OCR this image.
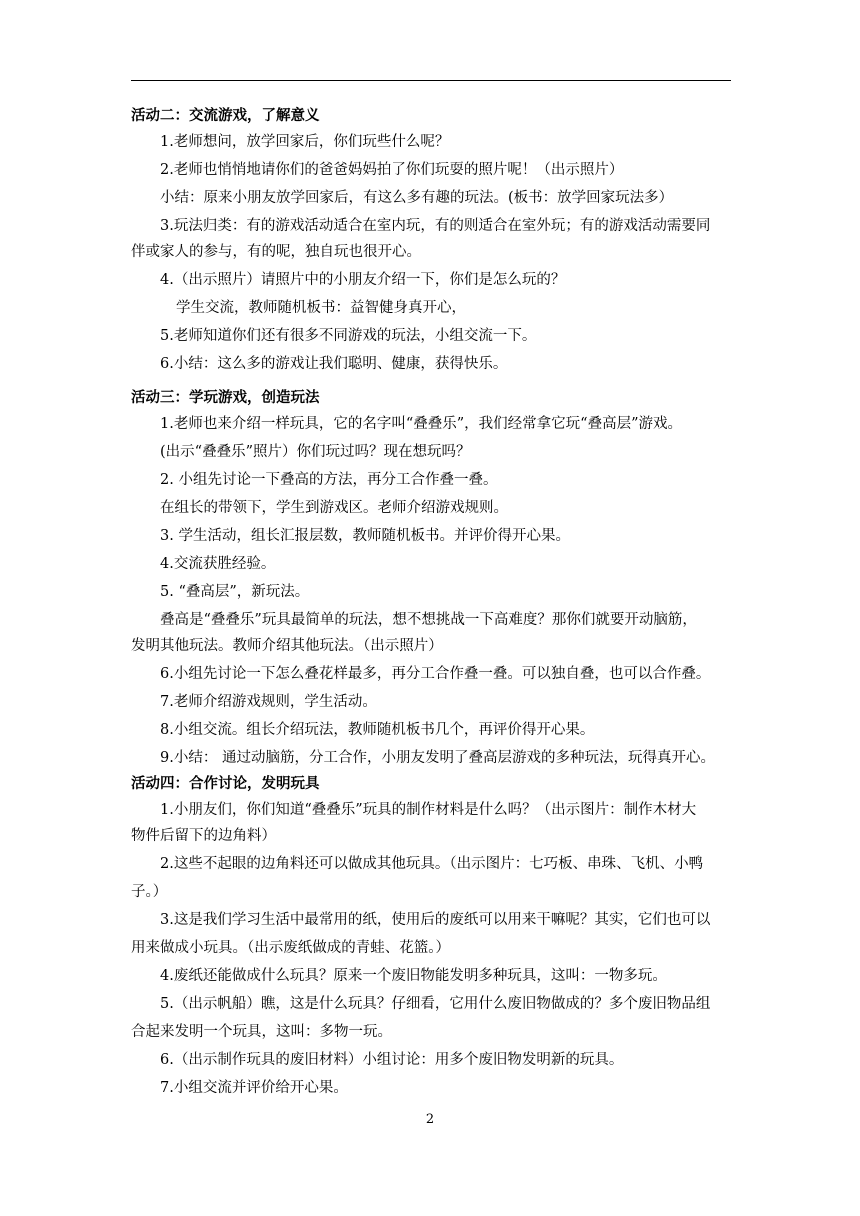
活动二：交流游戏，了解意义
1.老师想问，放学回家后，你们玩些什么呢？
2.老师也悄悄地请你们的爸爸妈妈拍了你们玩耍的照片呢！（出示照片）
小结：原来小朋友放学回家后，有这么多有趣的玩法。(板书：放学回家玩法多）
3.玩法归类：有的游戏活动适合在室内玩，有的则适合在室外玩；有的游戏活动需要同
伴或家人的参与，有的呢，独自玩也很开心。
4.（出示照片）请照片中的小朋友介绍一下，你们是怎么玩的？
学生交流，教师随机板书：益智健身真开心，
5.老师知道你们还有很多不同游戏的玩法，小组交流一下。
6.小结：这么多的游戏让我们聪明、健康，获得快乐。
活动三：学玩游戏，创造玩法
1.老师也来介绍一样玩具，它的名字叫“叠叠乐”，我们经常拿它玩“叠高层”游戏。
(出示“叠叠乐”照片）你们玩过吗？现在想玩吗？
2. 小组先讨论一下叠高的方法，再分工合作叠一叠。
在组长的带领下，学生到游戏区。老师介绍游戏规则。
3. 学生活动，组长汇报层数，教师随机板书。并评价得开心果。
4.交流获胜经验。
5. “叠高层”，新玩法。
叠高是“叠叠乐”玩具最简单的玩法，想不想挑战一下高难度？那你们就要开动脑筋，
发明其他玩法。教师介绍其他玩法。（出示照片）
6.小组先讨论一下怎么叠花样最多，再分工合作叠一叠。可以独自叠，也可以合作叠。
7.老师介绍游戏规则，学生活动。
8.小组交流。组长介绍玩法，教师随机板书几个，再评价得开心果。
9.小结： 通过动脑筋，分工合作，小朋友发明了叠高层游戏的多种玩法，玩得真开心。
活动四：合作讨论，发明玩具
1.小朋友们，你们知道“叠叠乐”玩具的制作材料是什么吗？（出示图片：制作木材大
物件后留下的边角料）
2.这些不起眼的边角料还可以做成其他玩具。（出示图片：七巧板、串珠、飞机、小鸭
子。）
3.这是我们学习生活中最常用的纸，使用后的废纸可以用来干嘛呢？其实，它们也可以
用来做成小玩具。（出示废纸做成的青蛙、花篮。）
4.废纸还能做成什么玩具？原来一个废旧物能发明多种玩具，这叫：一物多玩。
5.（出示帆船）瞧，这是什么玩具？仔细看，它用什么废旧物做成的？多个废旧物品组
合起来发明一个玩具，这叫：多物一玩。
6.（出示制作玩具的废旧材料）小组讨论：用多个废旧物发明新的玩具。
7.小组交流并评价给开心果。
2
